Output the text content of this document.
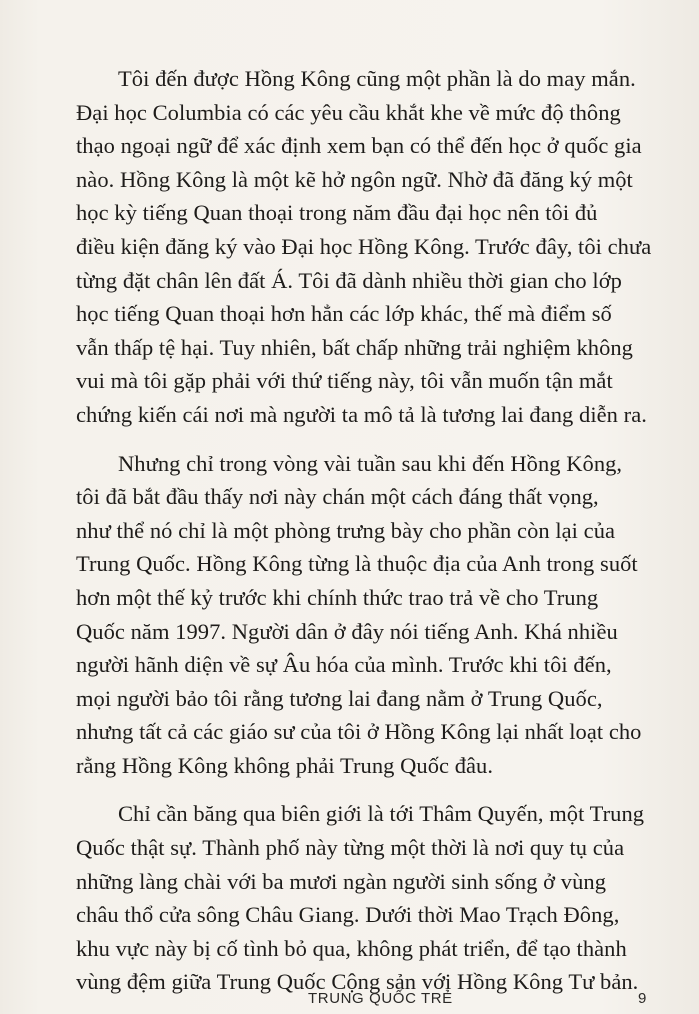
Tôi đến được Hồng Kông cũng một phần là do may mắn.
Đại học Columbia có các yêu cầu khắt khe về mức độ thông
thạo ngoại ngữ để xác định xem bạn có thể đến học ở quốc gia
nào. Hồng Kông là một kẽ hở ngôn ngữ. Nhờ đã đăng ký một
học kỳ tiếng Quan thoại trong năm đầu đại học nên tôi đủ
điều kiện đăng ký vào Đại học Hồng Kông. Trước đây, tôi chưa
từng đặt chân lên đất Á. Tôi đã dành nhiều thời gian cho lớp
học tiếng Quan thoại hơn hẳn các lớp khác, thế mà điểm số
vẫn thấp tệ hại. Tuy nhiên, bất chấp những trải nghiệm không
vui mà tôi gặp phải với thứ tiếng này, tôi vẫn muốn tận mắt
chứng kiến cái nơi mà người ta mô tả là tương lai đang diễn ra.

Nhưng chỉ trong vòng vài tuần sau khi đến Hồng Kông,
tôi đã bắt đầu thấy nơi này chán một cách đáng thất vọng,
như thể nó chỉ là một phòng trưng bày cho phần còn lại của
Trung Quốc. Hồng Kông từng là thuộc địa của Anh trong suốt
hơn một thế kỷ trước khi chính thức trao trả về cho Trung
Quốc năm 1997. Người dân ở đây nói tiếng Anh. Khá nhiều
người hãnh diện về sự Âu hóa của mình. Trước khi tôi đến,
mọi người bảo tôi rằng tương lai đang nằm ở Trung Quốc,
nhưng tất cả các giáo sư của tôi ở Hồng Kông lại nhất loạt cho
rằng Hồng Kông không phải Trung Quốc đâu.

Chỉ cần băng qua biên giới là tới Thâm Quyến, một Trung
Quốc thật sự. Thành phố này từng một thời là nơi quy tụ của
những làng chài với ba mươi ngàn người sinh sống ở vùng
châu thổ cửa sông Châu Giang. Dưới thời Mao Trạch Đông,
khu vực này bị cố tình bỏ qua, không phát triển, để tạo thành
vùng đệm giữa Trung Quốc Cộng sản với Hồng Kông Tư bản.

TRUNG QUỐC TRẺ	9
